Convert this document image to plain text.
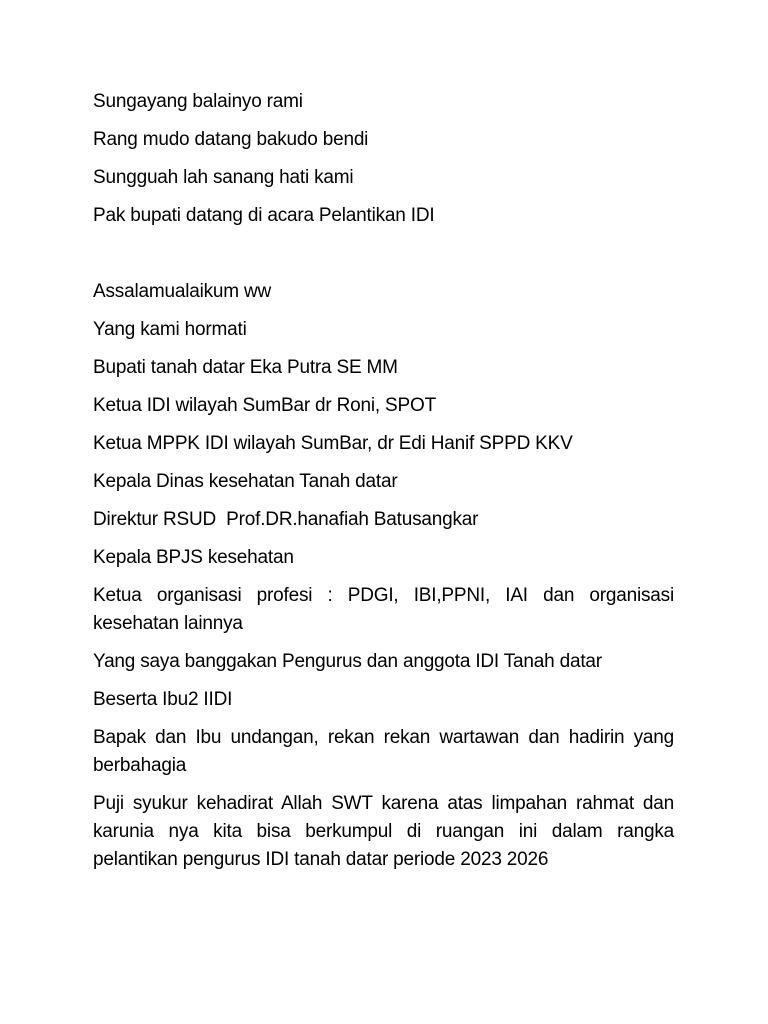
Sungayang balainyo rami
Rang mudo datang bakudo bendi
Sungguah lah sanang hati kami
Pak bupati datang di acara Pelantikan IDI
Assalamualaikum ww
Yang kami hormati
Bupati tanah datar Eka Putra SE MM
Ketua IDI wilayah SumBar dr Roni, SPOT
Ketua MPPK IDI wilayah SumBar, dr Edi Hanif SPPD KKV
Kepala Dinas kesehatan Tanah datar
Direktur RSUD  Prof.DR.hanafiah Batusangkar
Kepala BPJS kesehatan
Ketua organisasi profesi : PDGI, IBI,PPNI, IAI dan organisasi kesehatan lainnya
Yang saya banggakan Pengurus dan anggota IDI Tanah datar
Beserta Ibu2 IIDI
Bapak dan Ibu undangan, rekan rekan wartawan dan hadirin yang berbahagia
Puji syukur kehadirat Allah SWT karena atas limpahan rahmat dan karunia nya kita bisa berkumpul di ruangan ini dalam rangka pelantikan pengurus IDI tanah datar periode 2023 2026
